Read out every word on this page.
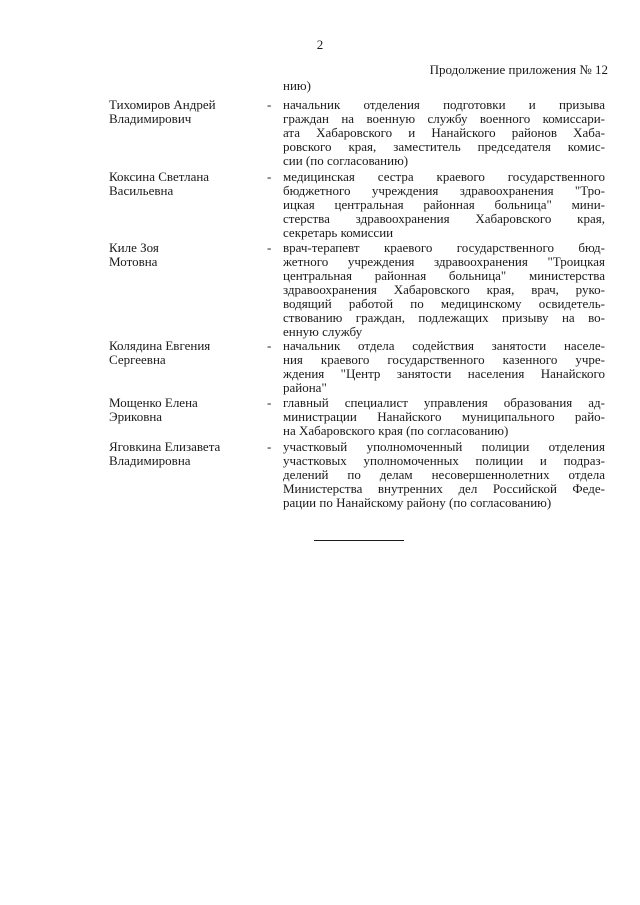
2
Продолжение приложения № 12
нию)
Тихомиров Андрей
Владимирович
- начальник отделения подготовки и призыва
граждан на военную службу военного комиссари-
ата Хабаровского и Нанайского районов Хаба-
ровского края, заместитель председателя комис-
сии (по согласованию)
Коксина Светлана
Васильевна
- медицинская сестра краевого государственного
бюджетного учреждения здравоохранения "Тро-
ицкая центральная районная больница" мини-
стерства здравоохранения Хабаровского края,
секретарь комиссии
Киле Зоя
Мотовна
- врач-терапевт краевого государственного бюд-
жетного учреждения здравоохранения "Троицкая
центральная районная больница" министерства
здравоохранения Хабаровского края, врач, руко-
водящий работой по медицинскому освидетель-
ствованию граждан, подлежащих призыву на во-
енную службу
Колядина Евгения
Сергеевна
- начальник отдела содействия занятости населе-
ния краевого государственного казенного учре-
ждения "Центр занятости населения Нанайского
района"
Мощенко Елена
Эриковна
- главный специалист управления образования ад-
министрации Нанайского муниципального райо-
на Хабаровского края (по согласованию)
Яговкина Елизавета
Владимировна
- участковый уполномоченный полиции отделения
участковых уполномоченных полиции и подраз-
делений по делам несовершеннолетних отдела
Министерства внутренних дел Российской Феде-
рации по Нанайскому району (по согласованию)
